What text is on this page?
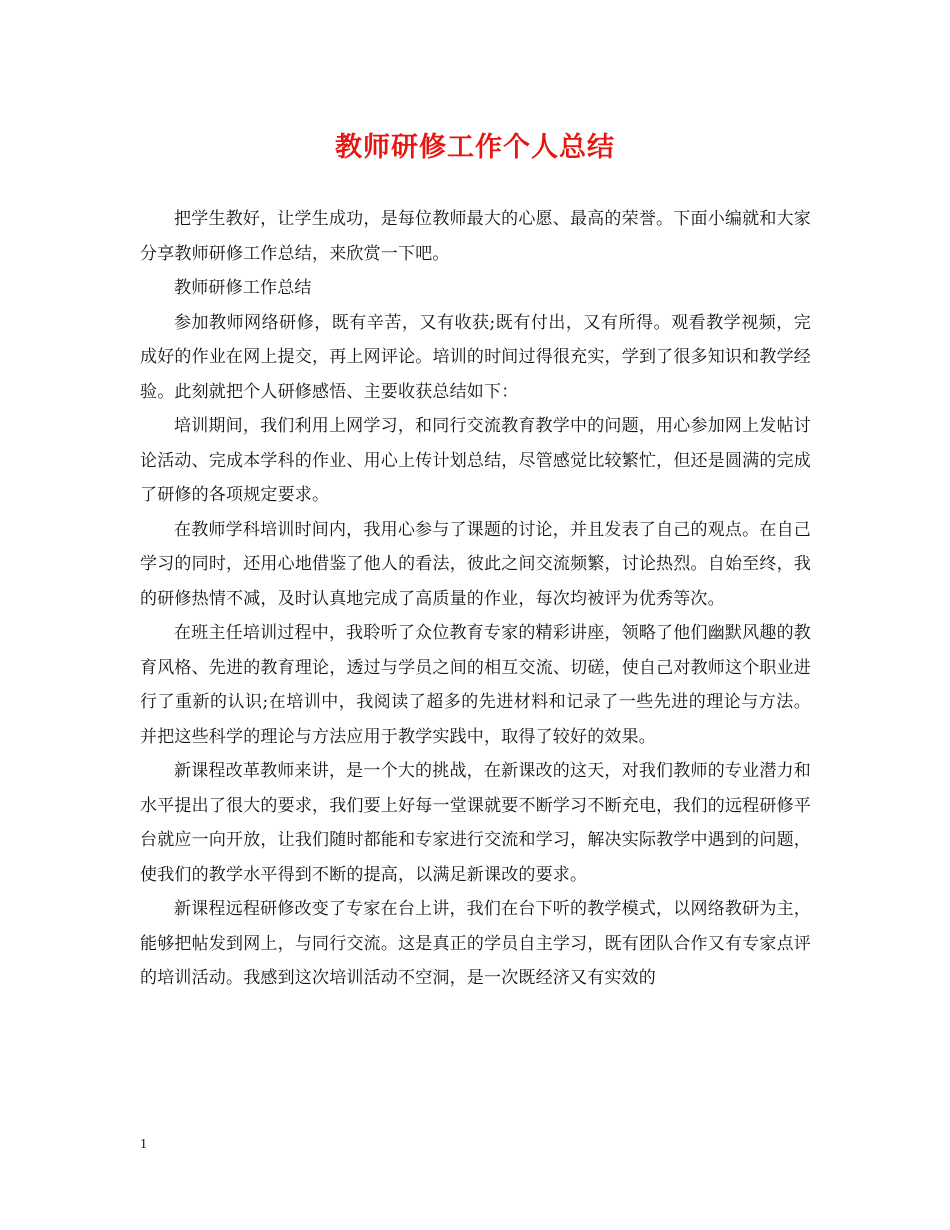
教师研修工作个人总结

把学生教好，让学生成功，是每位教师最大的心愿、最高的荣誉。下面小编就和大家分享教师研修工作总结，来欣赏一下吧。

教师研修工作总结

参加教师网络研修，既有辛苦，又有收获;既有付出，又有所得。观看教学视频，完成好的作业在网上提交，再上网评论。培训的时间过得很充实，学到了很多知识和教学经验。此刻就把个人研修感悟、主要收获总结如下：

培训期间，我们利用上网学习，和同行交流教育教学中的问题，用心参加网上发帖讨论活动、完成本学科的作业、用心上传计划总结，尽管感觉比较繁忙，但还是圆满的完成了研修的各项规定要求。

在教师学科培训时间内，我用心参与了课题的讨论，并且发表了自己的观点。在自己学习的同时，还用心地借鉴了他人的看法，彼此之间交流频繁，讨论热烈。自始至终，我的研修热情不减，及时认真地完成了高质量的作业，每次均被评为优秀等次。

在班主任培训过程中，我聆听了众位教育专家的精彩讲座，领略了他们幽默风趣的教育风格、先进的教育理论，透过与学员之间的相互交流、切磋，使自己对教师这个职业进行了重新的认识;在培训中，我阅读了超多的先进材料和记录了一些先进的理论与方法。并把这些科学的理论与方法应用于教学实践中，取得了较好的效果。

新课程改革教师来讲，是一个大的挑战，在新课改的这天，对我们教师的专业潜力和水平提出了很大的要求，我们要上好每一堂课就要不断学习不断充电，我们的远程研修平台就应一向开放，让我们随时都能和专家进行交流和学习，解决实际教学中遇到的问题，使我们的教学水平得到不断的提高，以满足新课改的要求。

新课程远程研修改变了专家在台上讲，我们在台下听的教学模式，以网络教研为主，能够把帖发到网上，与同行交流。这是真正的学员自主学习，既有团队合作又有专家点评的培训活动。我感到这次培训活动不空洞，是一次既经济又有实效的

1
